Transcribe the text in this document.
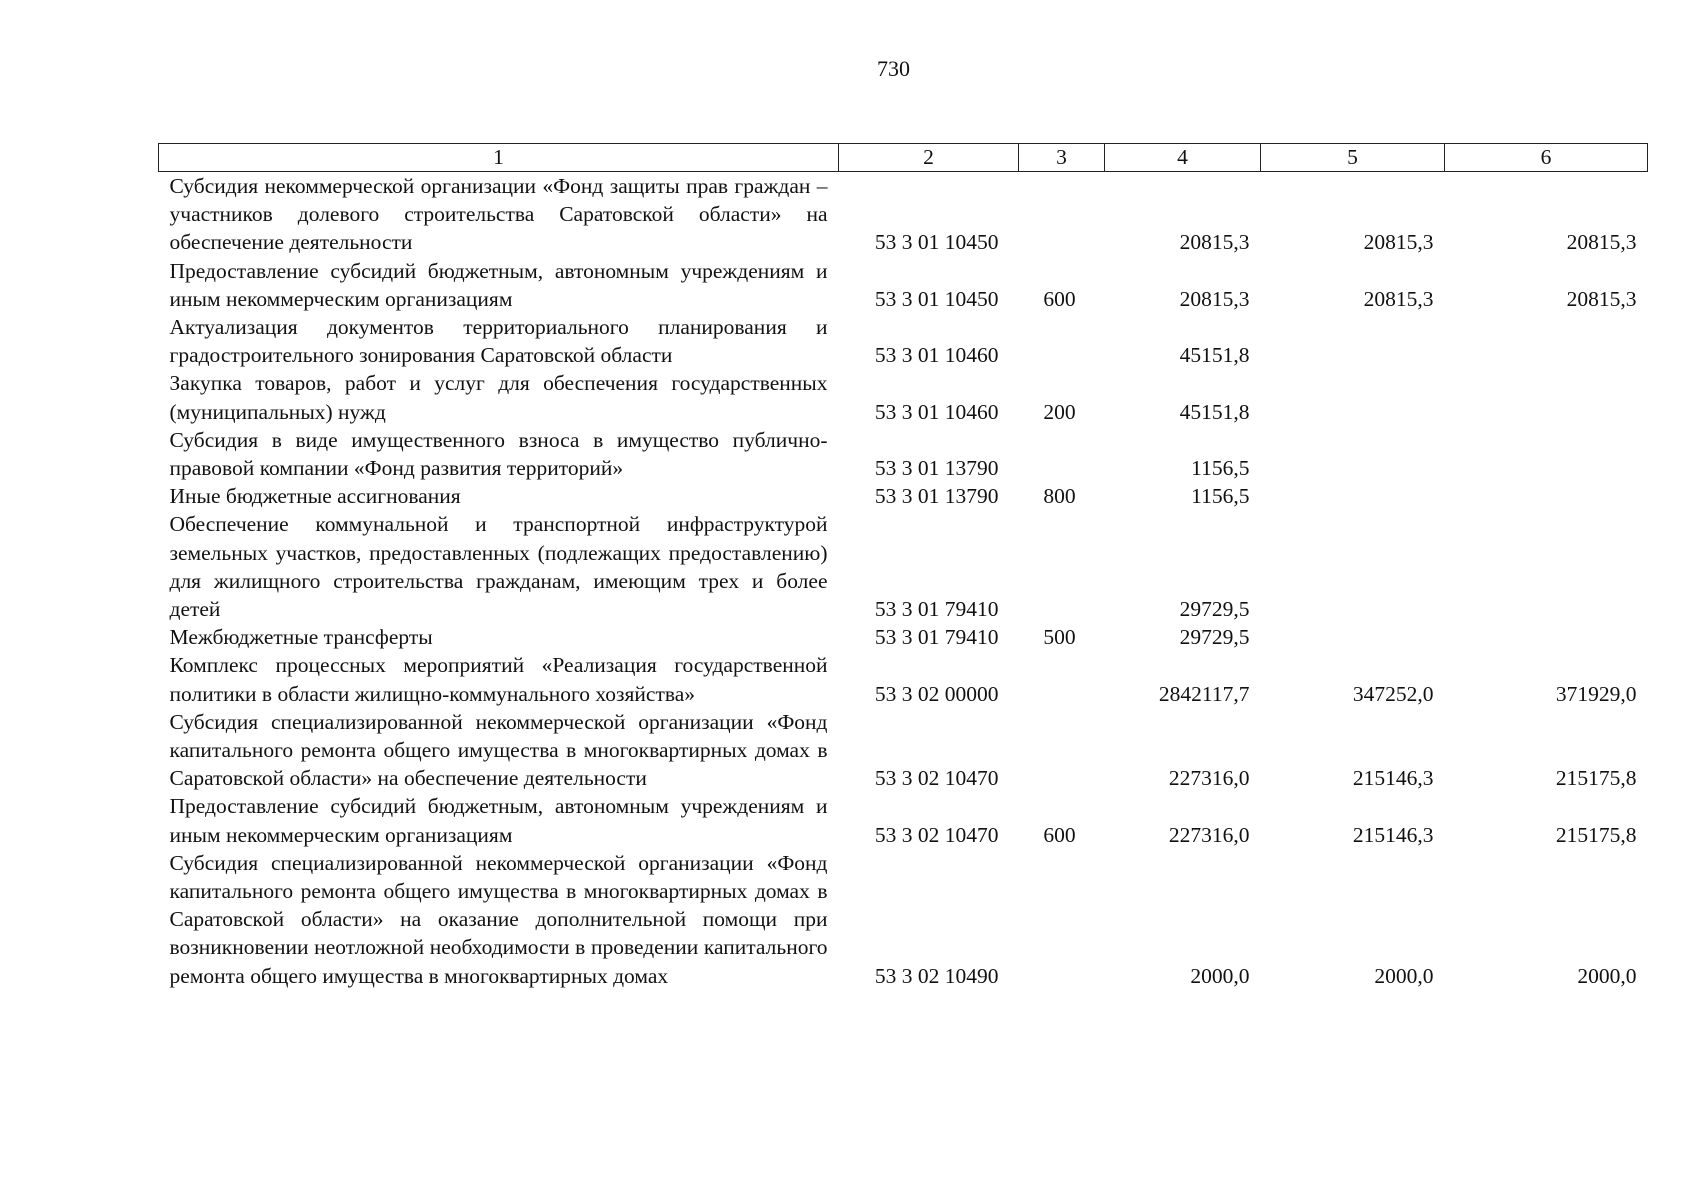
730
1	2	3	4	5	6
Субсидия некоммерческой организации «Фонд защиты прав граждан – участников долевого строительства Саратовской области» на обеспечение деятельности	53 3 01 10450		20815,3	20815,3	20815,3
Предоставление субсидий бюджетным, автономным учреждениям и иным некоммерческим организациям	53 3 01 10450	600	20815,3	20815,3	20815,3
Актуализация документов территориального планирования и градостроительного зонирования Саратовской области	53 3 01 10460		45151,8		
Закупка товаров, работ и услуг для обеспечения государственных (муниципальных) нужд	53 3 01 10460	200	45151,8		
Субсидия в виде имущественного взноса в имущество публично-правовой компании «Фонд развития территорий»	53 3 01 13790		1156,5		
Иные бюджетные ассигнования	53 3 01 13790	800	1156,5		
Обеспечение коммунальной и транспортной инфраструктурой земельных участков, предоставленных (подлежащих предоставлению) для жилищного строительства гражданам, имеющим трех и более детей	53 3 01 79410		29729,5		
Межбюджетные трансферты	53 3 01 79410	500	29729,5		
Комплекс процессных мероприятий «Реализация государственной политики в области жилищно-коммунального хозяйства»	53 3 02 00000		2842117,7	347252,0	371929,0
Субсидия специализированной некоммерческой организации «Фонд капитального ремонта общего имущества в многоквартирных домах в Саратовской области» на обеспечение деятельности	53 3 02 10470		227316,0	215146,3	215175,8
Предоставление субсидий бюджетным, автономным учреждениям и иным некоммерческим организациям	53 3 02 10470	600	227316,0	215146,3	215175,8
Субсидия специализированной некоммерческой организации «Фонд капитального ремонта общего имущества в многоквартирных домах в Саратовской области» на оказание дополнительной помощи при возникновении неотложной необходимости в проведении капитального ремонта общего имущества в многоквартирных домах	53 3 02 10490		2000,0	2000,0	2000,0
